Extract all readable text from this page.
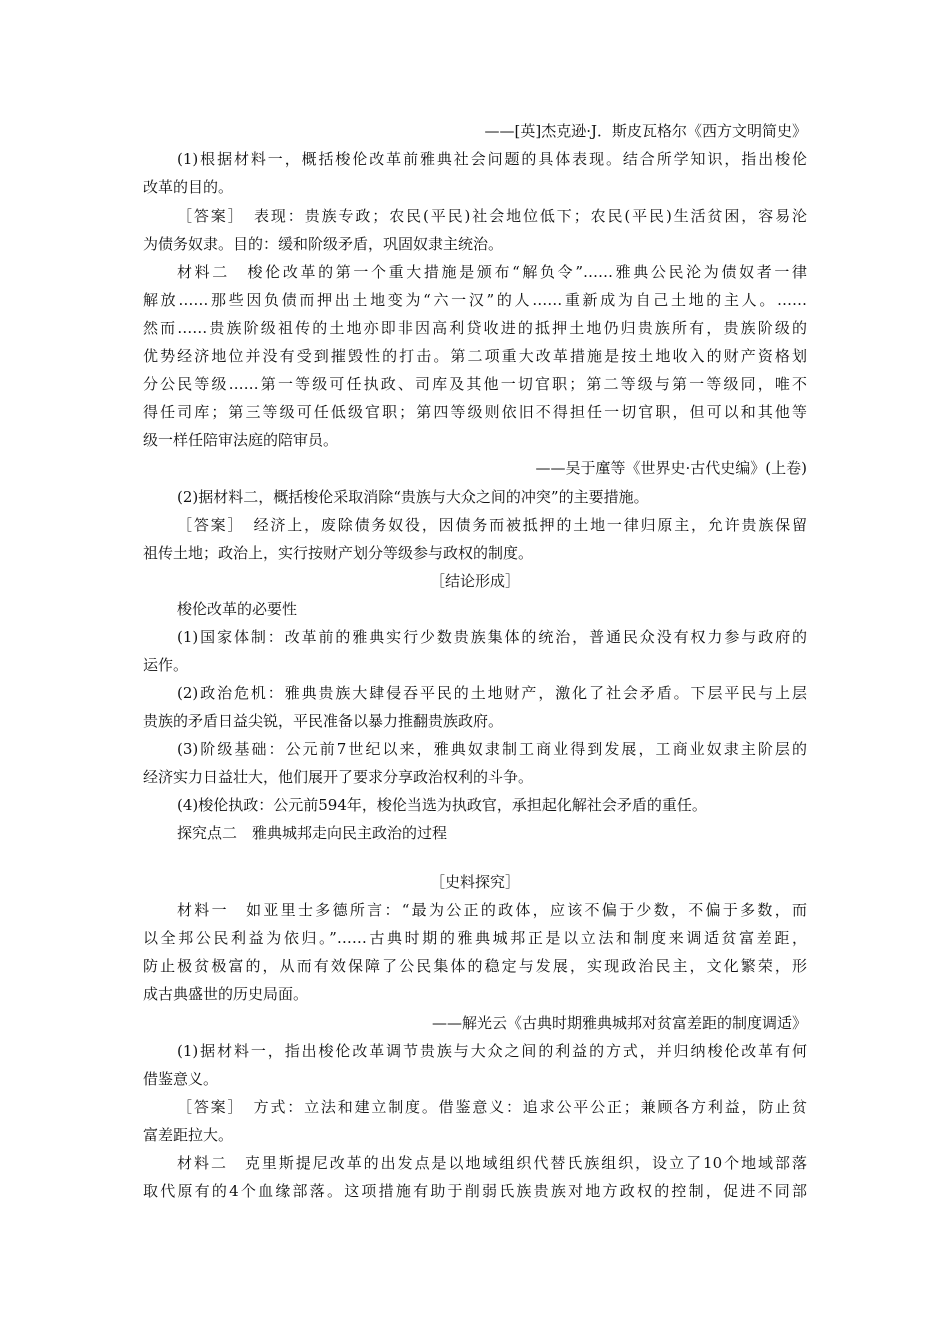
——[英]杰克逊·J．斯皮瓦格尔《西方文明简史》
(1)根据材料一，概括梭伦改革前雅典社会问题的具体表现。结合所学知识，指出梭伦
改革的目的。
［答案］　表现：贵族专政；农民(平民)社会地位低下；农民(平民)生活贫困，容易沦
为债务奴隶。目的：缓和阶级矛盾，巩固奴隶主统治。
材料二　梭伦改革的第一个重大措施是颁布“解负令”……雅典公民沦为债奴者一律
解放……那些因负债而押出土地变为“六一汉”的人……重新成为自己土地的主人。……
然而……贵族阶级祖传的土地亦即非因高利贷收进的抵押土地仍归贵族所有，贵族阶级的
优势经济地位并没有受到摧毁性的打击。第二项重大改革措施是按土地收入的财产资格划
分公民等级……第一等级可任执政、司库及其他一切官职；第二等级与第一等级同，唯不
得任司库；第三等级可任低级官职；第四等级则依旧不得担任一切官职，但可以和其他等
级一样任陪审法庭的陪审员。
——吴于廑等《世界史·古代史编》(上卷)
(2)据材料二，概括梭伦采取消除“贵族与大众之间的冲突”的主要措施。
［答案］　经济上，废除债务奴役，因债务而被抵押的土地一律归原主，允许贵族保留
祖传土地；政治上，实行按财产划分等级参与政权的制度。
［结论形成］
梭伦改革的必要性
(1)国家体制：改革前的雅典实行少数贵族集体的统治，普通民众没有权力参与政府的
运作。
(2)政治危机：雅典贵族大肆侵吞平民的土地财产，激化了社会矛盾。下层平民与上层
贵族的矛盾日益尖锐，平民准备以暴力推翻贵族政府。
(3)阶级基础：公元前7世纪以来，雅典奴隶制工商业得到发展，工商业奴隶主阶层的
经济实力日益壮大，他们展开了要求分享政治权利的斗争。
(4)梭伦执政：公元前594年，梭伦当选为执政官，承担起化解社会矛盾的重任。
探究点二　雅典城邦走向民主政治的过程
［史料探究］
材料一　如亚里士多德所言：“最为公正的政体，应该不偏于少数，不偏于多数，而
以全邦公民利益为依归。”……古典时期的雅典城邦正是以立法和制度来调适贫富差距，
防止极贫极富的，从而有效保障了公民集体的稳定与发展，实现政治民主，文化繁荣，形
成古典盛世的历史局面。
——解光云《古典时期雅典城邦对贫富差距的制度调适》
(1)据材料一，指出梭伦改革调节贵族与大众之间的利益的方式，并归纳梭伦改革有何
借鉴意义。
［答案］　方式：立法和建立制度。借鉴意义：追求公平公正；兼顾各方利益，防止贫
富差距拉大。
材料二　克里斯提尼改革的出发点是以地域组织代替氏族组织，设立了10个地域部落
取代原有的4个血缘部落。这项措施有助于削弱氏族贵族对地方政权的控制，促进不同部
